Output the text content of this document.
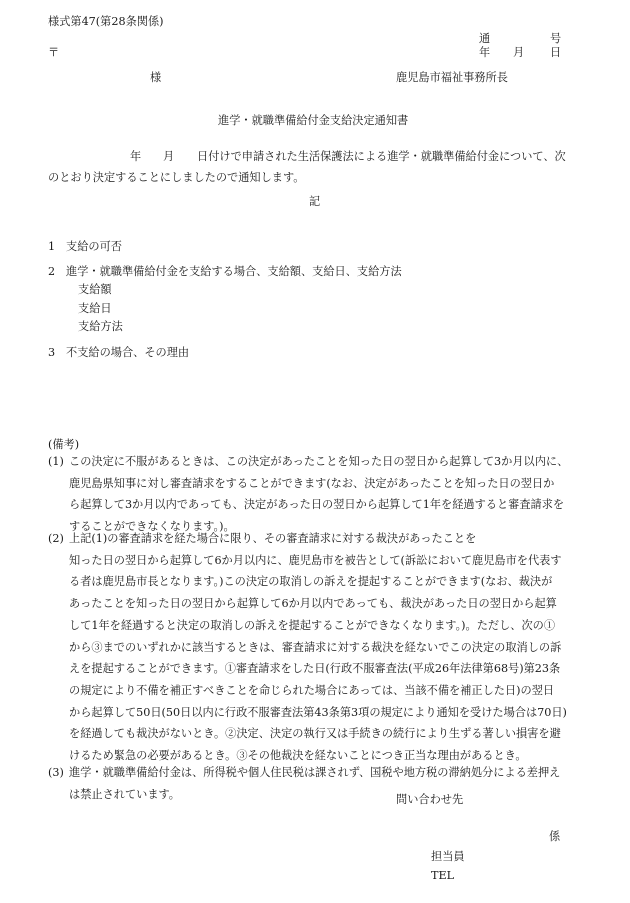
様式第47(第28条関係)
〒
通	号
年 月 日
様	鹿児島市福祉事務所長
進学・就職準備給付金支給決定通知書
年 月 日付けで申請された生活保護法による進学・就職準備給付金について、次
のとおり決定することにしましたので通知します。
記
1 支給の可否
2 進学・就職準備給付金を支給する場合、支給額、支給日、支給方法
支給額
支給日
支給方法
3 不支給の場合、その理由
(備考)
(1) この決定に不服があるときは、この決定があったことを知った日の翌日から起算して3か月以内に、
鹿児島県知事に対し審査請求をすることができます(なお、決定があったことを知った日の翌日か
ら起算して3か月以内であっても、決定があった日の翌日から起算して1年を経過すると審査請求を
することができなくなります。)。
(2) 上記(1)の審査請求を経た場合に限り、その審査請求に対する裁決があったことを
知った日の翌日から起算して6か月以内に、鹿児島市を被告として(訴訟において鹿児島市を代表す
る者は鹿児島市長となります。)この決定の取消しの訴えを提起することができます(なお、裁決が
あったことを知った日の翌日から起算して6か月以内であっても、裁決があった日の翌日から起算
して1年を経過すると決定の取消しの訴えを提起することができなくなります。)。ただし、次の①
から③までのいずれかに該当するときは、審査請求に対する裁決を経ないでこの決定の取消しの訴
えを提起することができます。①審査請求をした日(行政不服審査法(平成26年法律第68号)第23条
の規定により不備を補正すべきことを命じられた場合にあっては、当該不備を補正した日)の翌日
から起算して50日(50日以内に行政不服審査法第43条第3項の規定により通知を受けた場合は70日)
を経過しても裁決がないとき。②決定、決定の執行又は手続きの続行により生ずる著しい損害を避
けるため緊急の必要があるとき。③その他裁決を経ないことにつき正当な理由があるとき。
(3) 進学・就職準備給付金は、所得税や個人住民税は課されず、国税や地方税の滞納処分による差押え
は禁止されています。	問い合わせ先
係
担当員
TEL
